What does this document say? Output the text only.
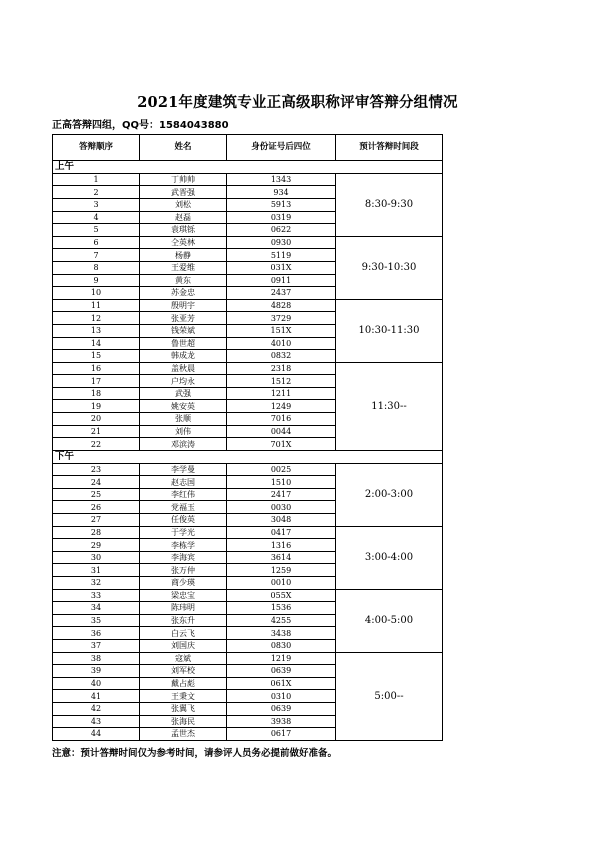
2021年度建筑专业正高级职称评审答辩分组情况
正高答辩四组，QQ号：1584043880
答辩顺序	姓名	身份证号后四位	预计答辩时间段
上午			
1	丁帅帅	1343	8:30-9:30
2	武晋强	934	
3	刘松	5913	
4	赵磊	0319	
5	袁琪铄	0622	
6	仝英林	0930	9:30-10:30
7	杨静	5119	
8	王爱维	031X	
9	黄东	0911	
10	苏金忠	2437	
11	殷明宇	4828	10:30-11:30
12	张亚芳	3729	
13	钱荣斌	151X	
14	鲁世超	4010	
15	韩成龙	0832	
16	盖秋晨	2318	11:30--
17	户均永	1512	
18	武强	1211	
19	姚安英	1249	
20	张顺	7016	
21	刘伟	0044	
22	邓滨涛	701X	
下午			
23	李学曼	0025	2:00-3:00
24	赵志国	1510	
25	李红伟	2417	
26	党福玉	0030	
27	任俊英	3048	
28	于学光	0417	3:00-4:00
29	李栋学	1316	
30	李海宾	3614	
31	张万仲	1259	
32	商少瑛	0010	
33	梁忠宝	055X	4:00-5:00
34	陈玮明	1536	
35	张东升	4255	
36	白云飞	3438	
37	刘国庆	0830	
38	寇斌	1219	5:00--
39	刘军校	0639	
40	戴占彪	061X	
41	王秉文	0310	
42	张翼飞	0639	
43	张海民	3938	
44	孟世杰	0617	
注意：预计答辩时间仅为参考时间，请参评人员务必提前做好准备。
